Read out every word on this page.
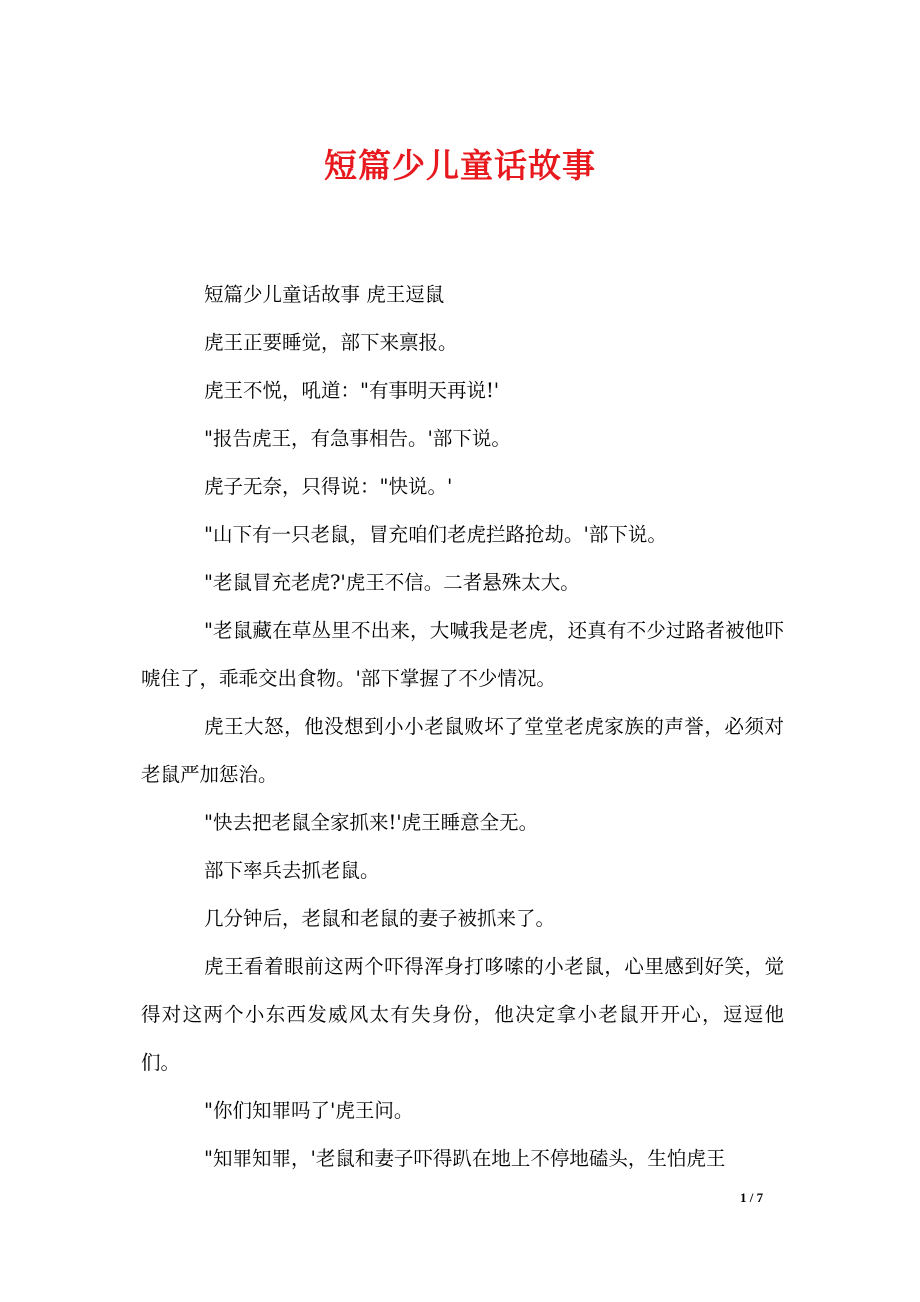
短篇少儿童话故事

短篇少儿童话故事 虎王逗鼠

虎王正要睡觉，部下来禀报。

虎王不悦，吼道："有事明天再说!'

"报告虎王，有急事相告。'部下说。

虎子无奈，只得说："快说。'

"山下有一只老鼠，冒充咱们老虎拦路抢劫。'部下说。

"老鼠冒充老虎?'虎王不信。二者悬殊太大。

"老鼠藏在草丛里不出来，大喊我是老虎，还真有不少过路者被他吓唬住了，乖乖交出食物。'部下掌握了不少情况。

虎王大怒，他没想到小小老鼠败坏了堂堂老虎家族的声誉，必须对老鼠严加惩治。

"快去把老鼠全家抓来!'虎王睡意全无。

部下率兵去抓老鼠。

几分钟后，老鼠和老鼠的妻子被抓来了。

虎王看着眼前这两个吓得浑身打哆嗦的小老鼠，心里感到好笑，觉得对这两个小东西发威风太有失身份，他决定拿小老鼠开开心，逗逗他们。

"你们知罪吗了'虎王问。

"知罪知罪，'老鼠和妻子吓得趴在地上不停地磕头，生怕虎王

1 / 7
